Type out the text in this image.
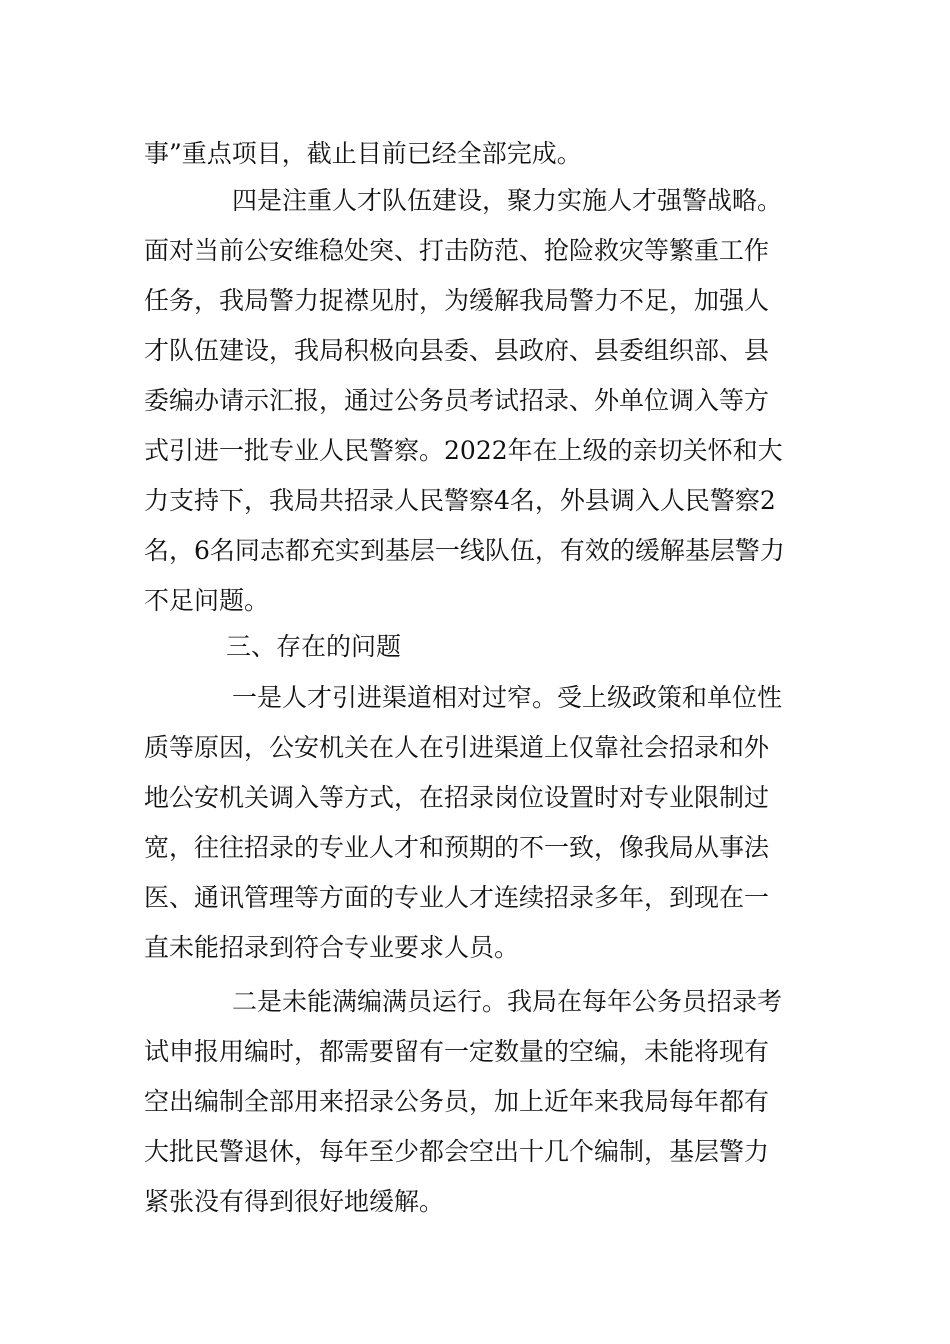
事”重点项目，截止目前已经全部完成。
四是注重人才队伍建设，聚力实施人才强警战略。
面对当前公安维稳处突、打击防范、抢险救灾等繁重工作
任务，我局警力捉襟见肘，为缓解我局警力不足，加强人
才队伍建设，我局积极向县委、县政府、县委组织部、县
委编办请示汇报，通过公务员考试招录、外单位调入等方
式引进一批专业人民警察。2022年在上级的亲切关怀和大
力支持下，我局共招录人民警察4名，外县调入人民警察2
名，6名同志都充实到基层一线队伍，有效的缓解基层警力
不足问题。
三、存在的问题
一是人才引进渠道相对过窄。受上级政策和单位性
质等原因，公安机关在人在引进渠道上仅靠社会招录和外
地公安机关调入等方式，在招录岗位设置时对专业限制过
宽，往往招录的专业人才和预期的不一致，像我局从事法
医、通讯管理等方面的专业人才连续招录多年，到现在一
直未能招录到符合专业要求人员。
二是未能满编满员运行。我局在每年公务员招录考
试申报用编时，都需要留有一定数量的空编，未能将现有
空出编制全部用来招录公务员，加上近年来我局每年都有
大批民警退休，每年至少都会空出十几个编制，基层警力
紧张没有得到很好地缓解。
